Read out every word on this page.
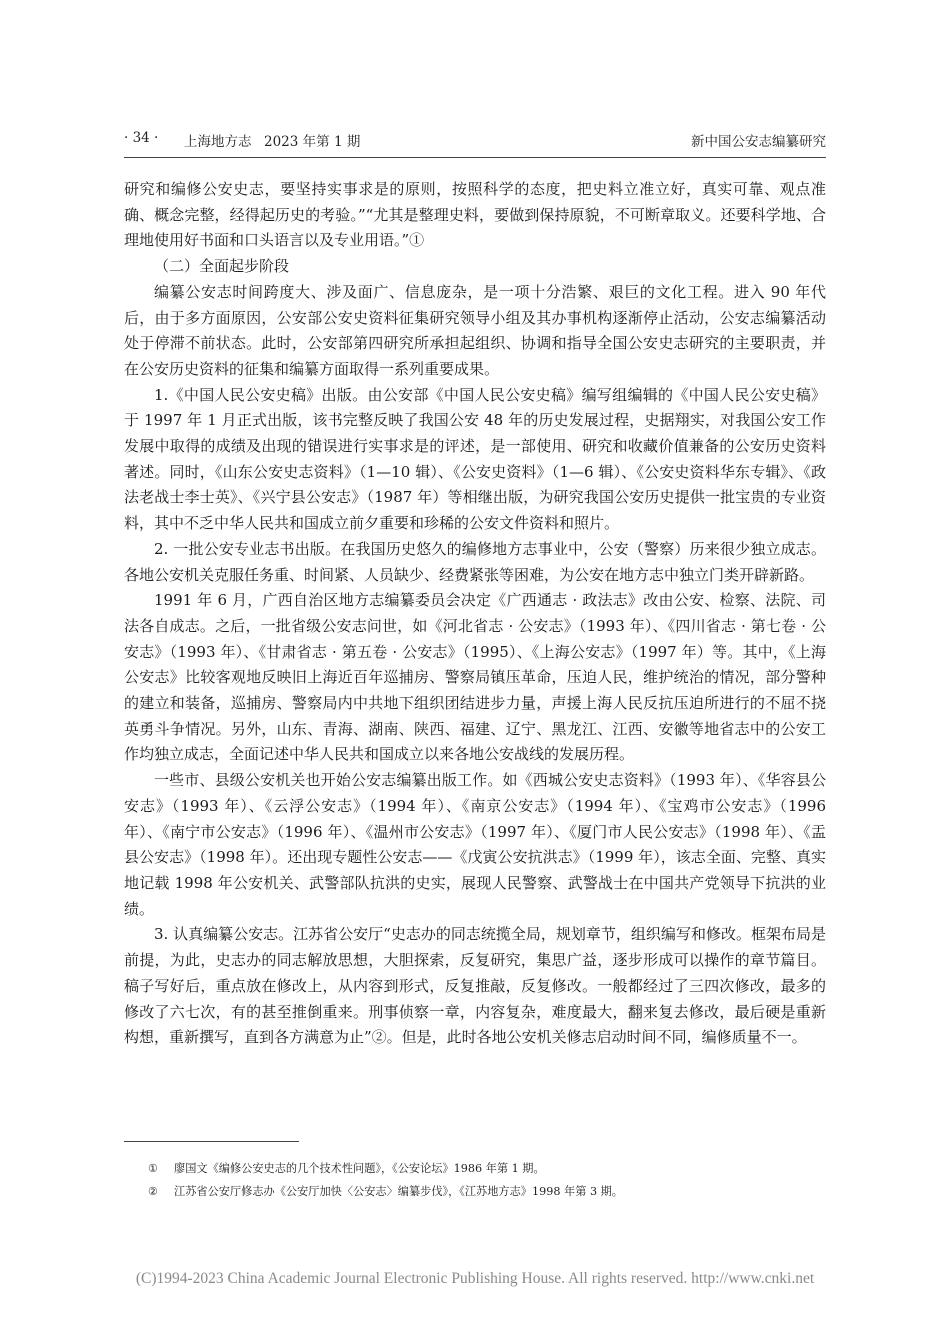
· 34 · 上海地方志 2023 年第 1 期	新中国公安志编纂研究

研究和编修公安史志，要坚持实事求是的原则，按照科学的态度，把史料立准立好，真实可靠、观点准确、概念完整，经得起历史的考验。”“尤其是整理史料，要做到保持原貌，不可断章取义。还要科学地、合理地使用好书面和口头语言以及专业用语。”①

（二）全面起步阶段

编纂公安志时间跨度大、涉及面广、信息庞杂，是一项十分浩繁、艰巨的文化工程。进入 90 年代后，由于多方面原因，公安部公安史资料征集研究领导小组及其办事机构逐渐停止活动，公安志编纂活动处于停滞不前状态。此时，公安部第四研究所承担起组织、协调和指导全国公安史志研究的主要职责，并在公安历史资料的征集和编纂方面取得一系列重要成果。

1.《中国人民公安史稿》出版。由公安部《中国人民公安史稿》编写组编辑的《中国人民公安史稿》于 1997 年 1 月正式出版，该书完整反映了我国公安 48 年的历史发展过程，史据翔实，对我国公安工作发展中取得的成绩及出现的错误进行实事求是的评述，是一部使用、研究和收藏价值兼备的公安历史资料著述。同时，《山东公安史志资料》（1—10 辑）、《公安史资料》（1—6 辑）、《公安史资料华东专辑》、《政法老战士李士英》、《兴宁县公安志》（1987 年）等相继出版，为研究我国公安历史提供一批宝贵的专业资料，其中不乏中华人民共和国成立前夕重要和珍稀的公安文件资料和照片。

2. 一批公安专业志书出版。在我国历史悠久的编修地方志事业中，公安（警察）历来很少独立成志。各地公安机关克服任务重、时间紧、人员缺少、经费紧张等困难，为公安在地方志中独立门类开辟新路。

1991 年 6 月，广西自治区地方志编纂委员会决定《广西通志 · 政法志》改由公安、检察、法院、司法各自成志。之后，一批省级公安志问世，如《河北省志 · 公安志》（1993 年）、《四川省志 · 第七卷 · 公安志》（1993 年）、《甘肃省志 · 第五卷 · 公安志》（1995）、《上海公安志》（1997 年）等。其中，《上海公安志》比较客观地反映旧上海近百年巡捕房、警察局镇压革命，压迫人民，维护统治的情况，部分警种的建立和装备，巡捕房、警察局内中共地下组织团结进步力量，声援上海人民反抗压迫所进行的不屈不挠英勇斗争情况。另外，山东、青海、湖南、陕西、福建、辽宁、黑龙江、江西、安徽等地省志中的公安工作均独立成志，全面记述中华人民共和国成立以来各地公安战线的发展历程。

一些市、县级公安机关也开始公安志编纂出版工作。如《西城公安史志资料》（1993 年）、《华容县公安志》（1993 年）、《云浮公安志》（1994 年）、《南京公安志》（1994 年）、《宝鸡市公安志》（1996 年）、《南宁市公安志》（1996 年）、《温州市公安志》（1997 年）、《厦门市人民公安志》（1998 年）、《盂县公安志》（1998 年）。还出现专题性公安志——《戊寅公安抗洪志》（1999 年），该志全面、完整、真实地记载 1998 年公安机关、武警部队抗洪的史实，展现人民警察、武警战士在中国共产党领导下抗洪的业绩。

3. 认真编纂公安志。江苏省公安厅“史志办的同志统揽全局，规划章节，组织编写和修改。框架布局是前提，为此，史志办的同志解放思想，大胆探索，反复研究，集思广益，逐步形成可以操作的章节篇目。稿子写好后，重点放在修改上，从内容到形式，反复推敲，反复修改。一般都经过了三四次修改，最多的修改了六七次，有的甚至推倒重来。刑事侦察一章，内容复杂，难度最大，翻来复去修改，最后硬是重新构想，重新撰写，直到各方满意为止”②。但是，此时各地公安机关修志启动时间不同，编修质量不一。

① 廖国文《编修公安史志的几个技术性问题》，《公安论坛》1986 年第 1 期。
② 江苏省公安厅修志办《公安厅加快〈公安志〉编纂步伐》，《江苏地方志》1998 年第 3 期。
(C)1994-2023 China Academic Journal Electronic Publishing House. All rights reserved. http://www.cnki.net
